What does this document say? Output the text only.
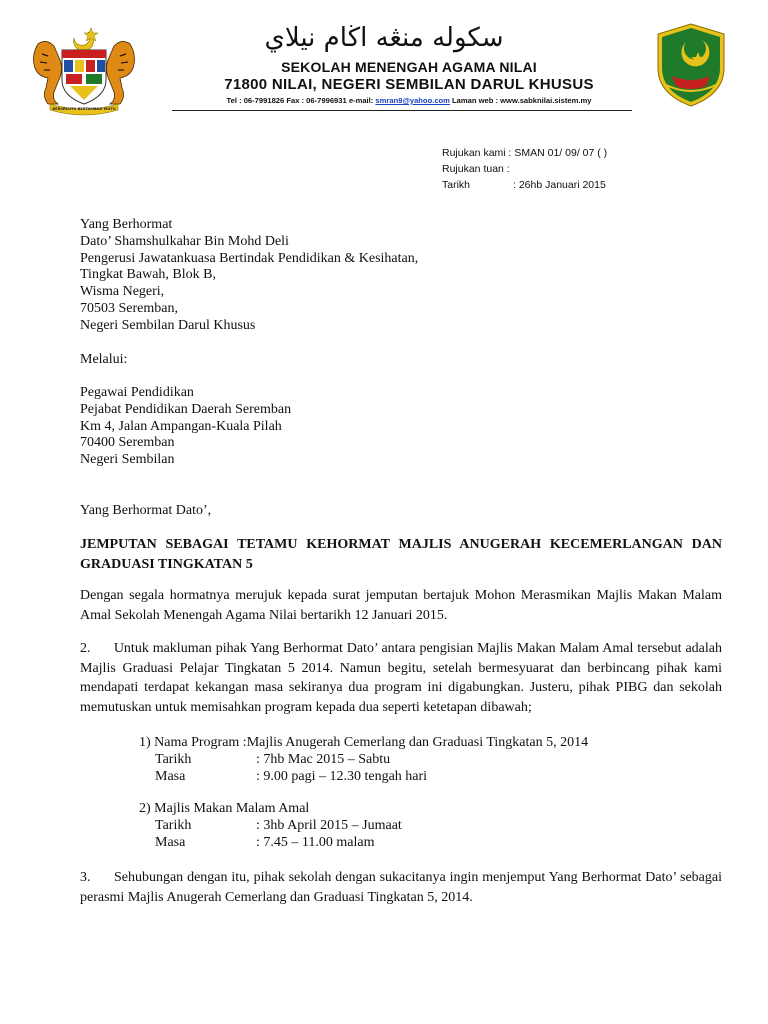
BERSEKUTU BERTAMBAH MUTU
سکوله منڠه اڬام نيلاي
SEKOLAH MENENGAH AGAMA NILAI
71800 NILAI, NEGERI SEMBILAN DARUL KHUSUS
Tel : 06-7991826 Fax : 06-7996931 e-mail: smran9@yahoo.com Laman web : www.sabknilai.sistem.my
Rujukan kami : SMAN 01/ 09/ 07 ( )
Rujukan tuan :
Tarikh	: 26hb Januari 2015
Yang Berhormat
Dato’ Shamshulkahar Bin Mohd Deli
Pengerusi Jawatankuasa Bertindak Pendidikan & Kesihatan,
Tingkat Bawah, Blok B,
Wisma Negeri,
70503 Seremban,
Negeri Sembilan Darul Khusus
Melalui:
Pegawai Pendidikan
Pejabat Pendidikan Daerah Seremban
Km 4, Jalan Ampangan-Kuala Pilah
70400 Seremban
Negeri Sembilan
Yang Berhormat Dato’,
JEMPUTAN SEBAGAI TETAMU KEHORMAT MAJLIS ANUGERAH KECEMERLANGAN DAN GRADUASI TINGKATAN 5
Dengan segala hormatnya merujuk kepada surat jemputan bertajuk Mohon Merasmikan Majlis Makan Malam Amal Sekolah Menengah Agama Nilai bertarikh 12 Januari 2015.
2.      Untuk makluman pihak Yang Berhormat Dato’ antara pengisian Majlis Makan Malam Amal tersebut adalah Majlis Graduasi Pelajar Tingkatan 5 2014. Namun begitu, setelah bermesyuarat dan berbincang pihak kami mendapati terdapat kekangan masa sekiranya dua program ini digabungkan. Justeru, pihak PIBG dan sekolah memutuskan untuk memisahkan program kepada dua seperti ketetapan dibawah;
1) Nama Program :Majlis Anugerah Cemerlang dan Graduasi Tingkatan 5, 2014
Tarikh	: 7hb Mac 2015 – Sabtu
Masa	: 9.00 pagi – 12.30 tengah hari
2) Majlis Makan Malam Amal
Tarikh	: 3hb April 2015 – Jumaat
Masa	: 7.45 – 11.00 malam
3.      Sehubungan dengan itu, pihak sekolah dengan sukacitanya ingin menjemput Yang Berhormat Dato’ sebagai perasmi Majlis Anugerah Cemerlang dan Graduasi Tingkatan 5, 2014.
